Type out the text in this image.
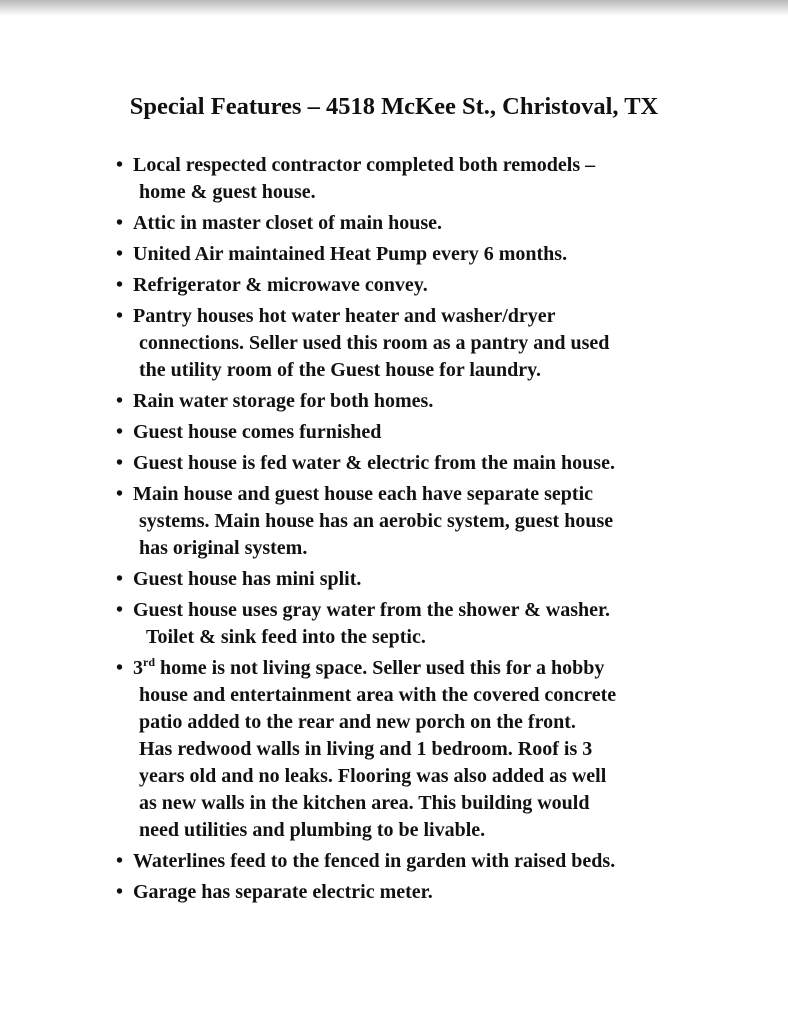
Special Features – 4518 McKee St., Christoval, TX
• Local respected contractor completed both remodels –
home & guest house.
• Attic in master closet of main house.
• United Air maintained Heat Pump every 6 months.
• Refrigerator & microwave convey.
• Pantry houses hot water heater and washer/dryer
connections. Seller used this room as a pantry and used
the utility room of the Guest house for laundry.
• Rain water storage for both homes.
• Guest house comes furnished
• Guest house is fed water & electric from the main house.
• Main house and guest house each have separate septic
systems. Main house has an aerobic system, guest house
has original system.
• Guest house has mini split.
• Guest house uses gray water from the shower & washer.
Toilet & sink feed into the septic.
• 3rd home is not living space. Seller used this for a hobby
house and entertainment area with the covered concrete
patio added to the rear and new porch on the front.
Has redwood walls in living and 1 bedroom. Roof is 3
years old and no leaks. Flooring was also added as well
as new walls in the kitchen area. This building would
need utilities and plumbing to be livable.
• Waterlines feed to the fenced in garden with raised beds.
• Garage has separate electric meter.
